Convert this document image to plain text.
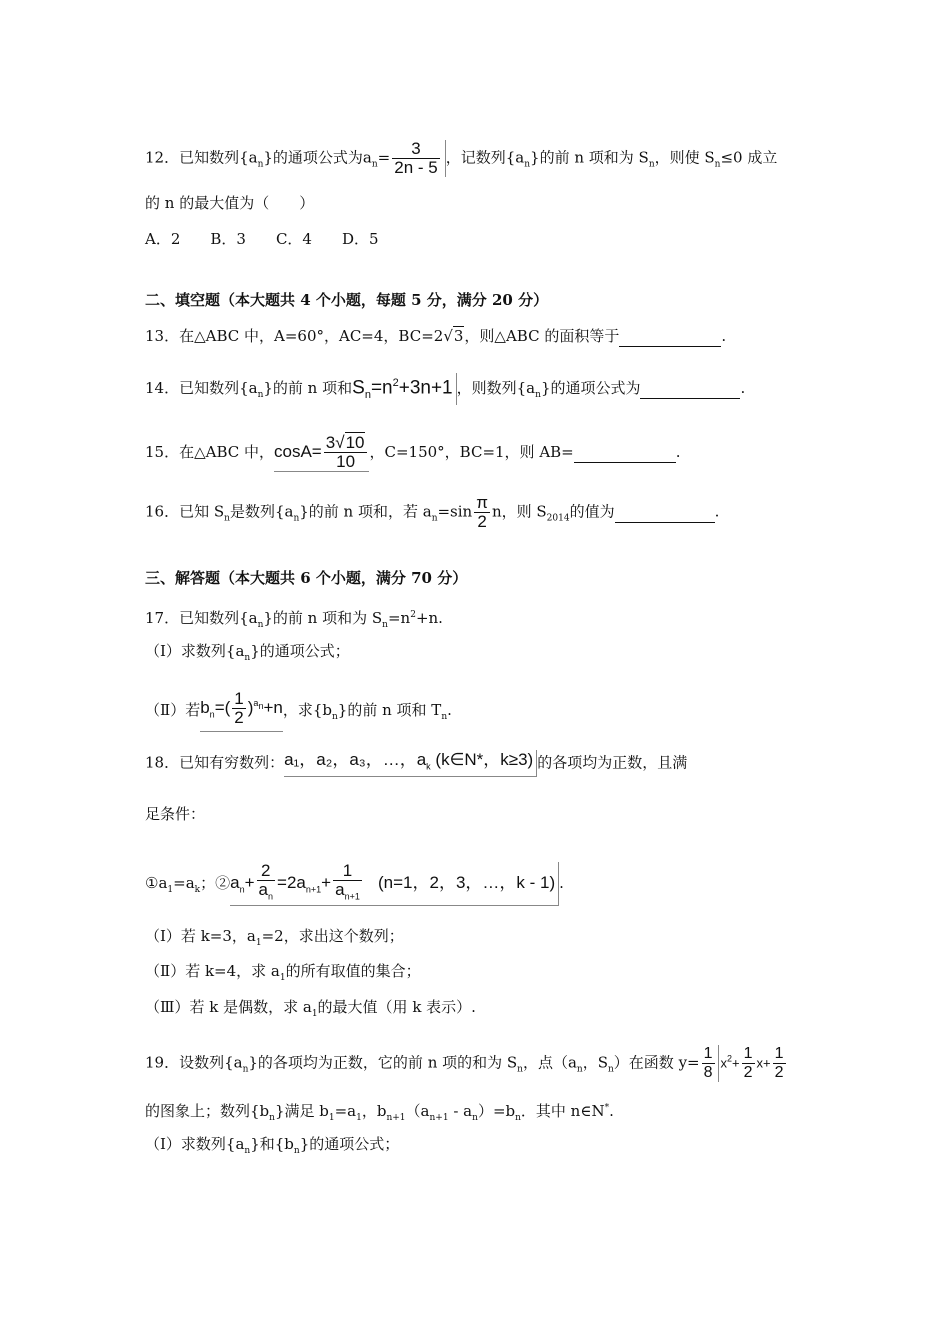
12．已知数列$\{a_n\}$的通项公式为$a_n= \frac{3}{2n - 5}$ ，记数列$\{a_n\}$的前 n 项和为 $S_n$，则使 $S_n\le 0$ 成立
的 n 的最大值为（　　）
A．2　　B．3　　C．4　　D．5
二、填空题（本大题共 4 个小题，每题 5 分，满分 20 分）
13．在△ABC 中，A=60°，AC=4，BC=2√3，则△ABC 的面积等于	.
14．已知数列$\{a_n\}$的前 n 项和$S_n=n^2+3n+1$ ，则数列$\{a_n\}$的通项公式为	.
15．在△ABC 中，$\cos A= \frac{3√10}{10}$ ，C=150°，BC=1，则 AB=	.
16．已知 $S_n$是数列$\{a_n\}$的前 n 项和，若 $a_n=\sin \frac{\pi}{2}$ n，则 $S_{2014}$的值为	.
三、解答题（本大题共 6 个小题，满分 70 分）
17．已知数列$\{a_n\}$的前 n 项和为 $S_n=n^2+n$.
（Ⅰ）求数列$\{a_n\}$的通项公式；
（Ⅱ）若$b_n=( \frac{1}{2} )^{a_n}+n$，求$\{b_n\}$的前 n 项和 $T_n$.
18．已知有穷数列：a₁，a₂，a₃，…，$a_k$ (k∈N*，k≥3) 的各项均为正数，且满
足条件：
$①a_1=a_k$；$②a_n+ \frac{2}{a_n} =2a_{n+1}+ \frac{1}{a_{n+1}} (n=1$，2，3，…，k - 1) .
（Ⅰ）若 k=3，$a_1=2$，求出这个数列；
（Ⅱ）若 k=4，求 $a_1$的所有取值的集合；
（Ⅲ）若 k 是偶数，求 $a_1$的最大值（用 k 表示）.
19．设数列$\{a_n\}$的各项均为正数，它的前 n 项的和为 $S_n$，点（$a_n$，$S_n$）在函数 $y= \frac{1}{8} x^2+ \frac{1}{2} x+ \frac{1}{2}$
的图象上；数列$\{b_n\}$满足 $b_1=a_1$，$b_{n+1}(a_{n+1} - a_n)=b_n$．其中 n∈N*.
（Ⅰ）求数列$\{a_n\}$和$\{b_n\}$的通项公式；
